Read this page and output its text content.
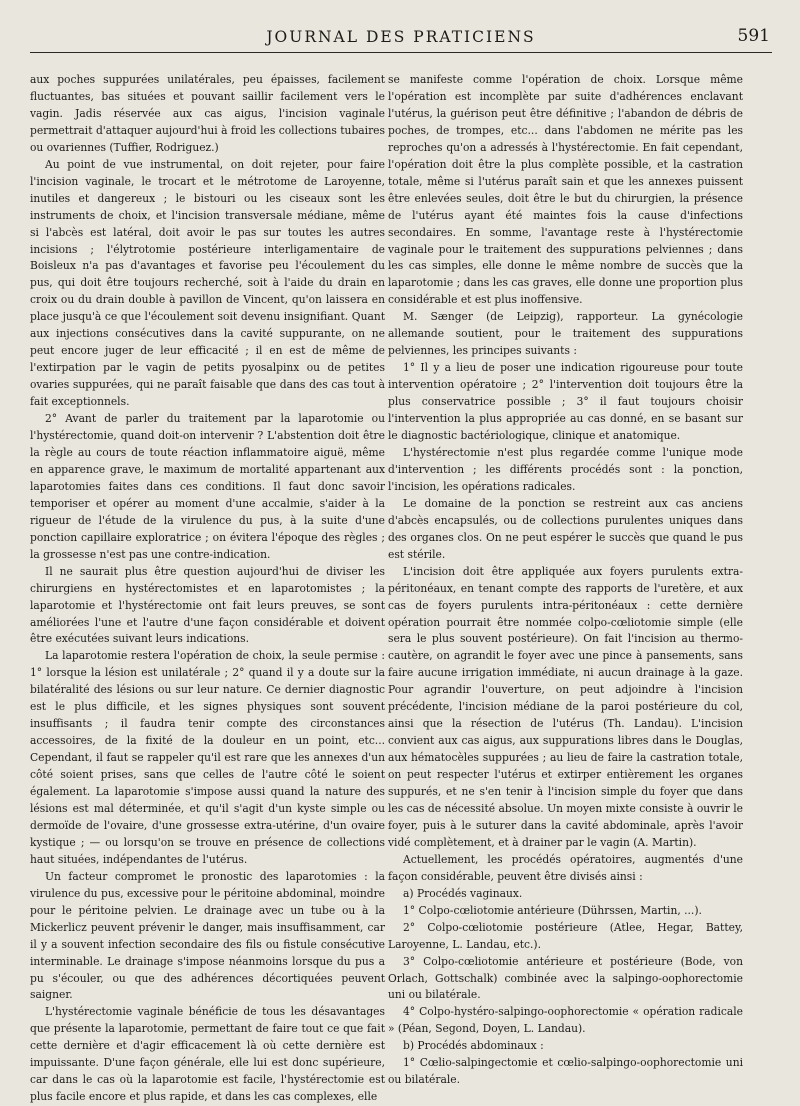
JOURNAL DES PRATICIENS	591

aux poches suppurées unilatérales, peu épaisses, facilement fluctuantes, bas situées et pouvant saillir facilement vers le vagin. Jadis réservée aux cas aigus, l'incision vaginale permettrait d'attaquer aujourd'hui à froid les collections tubaires ou ovariennes (Tuffier, Rodriguez.)

Au point de vue instrumental, on doit rejeter, pour faire l'incision vaginale, le trocart et le métrotome de Laroyenne, inutiles et dangereux ; le bistouri ou les ciseaux sont les instruments de choix, et l'incision transversale médiane, même si l'abcès est latéral, doit avoir le pas sur toutes les autres incisions ; l'élytrotomie postérieure interligamentaire de Boisleux n'a pas d'avantages et favorise peu l'écoulement du pus, qui doit être toujours recherché, soit à l'aide du drain en croix ou du drain double à pavillon de Vincent, qu'on laissera en place jusqu'à ce que l'écoulement soit devenu insignifiant. Quant aux injections consécutives dans la cavité suppurante, on ne peut encore juger de leur efficacité ; il en est de même de l'extirpation par le vagin de petits pyosalpinx ou de petites ovaries suppurées, qui ne paraît faisable que dans des cas tout à fait exceptionnels.

2° Avant de parler du traitement par la laparotomie ou l'hystérectomie, quand doit-on intervenir ? L'abstention doit être la règle au cours de toute réaction inflammatoire aiguë, même en apparence grave, le maximum de mortalité appartenant aux laparotomies faites dans ces conditions. Il faut donc savoir temporiser et opérer au moment d'une accalmie, s'aider à la rigueur de l'étude de la virulence du pus, à la suite d'une ponction capillaire exploratrice ; on évitera l'époque des règles ; la grossesse n'est pas une contre-indication.

Il ne saurait plus être question aujourd'hui de diviser les chirurgiens en hystérectomistes et en laparotomistes ; la laparotomie et l'hystérectomie ont fait leurs preuves, se sont améliorées l'une et l'autre d'une façon considérable et doivent être exécutées suivant leurs indications.

La laparotomie restera l'opération de choix, la seule permise : 1° lorsque la lésion est unilatérale ; 2° quand il y a doute sur la bilatéralité des lésions ou sur leur nature. Ce dernier diagnostic est le plus difficile, et les signes physiques sont souvent insuffisants ; il faudra tenir compte des circonstances accessoires, de la fixité de la douleur en un point, etc... Cependant, il faut se rappeler qu'il est rare que les annexes d'un côté soient prises, sans que celles de l'autre côté le soient également. La laparotomie s'impose aussi quand la nature des lésions est mal déterminée, et qu'il s'agit d'un kyste simple ou dermoïde de l'ovaire, d'une grossesse extra-utérine, d'un ovaire kystique ; — ou lorsqu'on se trouve en présence de collections haut situées, indépendantes de l'utérus.

Un facteur compromet le pronostic des laparotomies : la virulence du pus, excessive pour le péritoine abdominal, moindre pour le péritoine pelvien. Le drainage avec un tube ou à la Mickerlicz peuvent prévenir le danger, mais insuffisamment, car il y a souvent infection secondaire des fils ou fistule consécutive interminable. Le drainage s'impose néanmoins lorsque du pus a pu s'écouler, ou que des adhérences décortiquées peuvent saigner.

L'hystérectomie vaginale bénéficie de tous les désavantages que présente la laparotomie, permettant de faire tout ce que fait cette dernière et d'agir efficacement là où cette dernière est impuissante. D'une façon générale, elle lui est donc supérieure, car dans le cas où la laparotomie est facile, l'hystérectomie est plus facile encore et plus rapide, et dans les cas complexes, elle

se manifeste comme l'opération de choix. Lorsque même l'opération est incomplète par suite d'adhérences enclavant l'utérus, la guérison peut être définitive ; l'abandon de débris de poches, de trompes, etc... dans l'abdomen ne mérite pas les reproches qu'on a adressés à l'hystérectomie. En fait cependant, l'opération doit être la plus complète possible, et la castration totale, même si l'utérus paraît sain et que les annexes puissent être enlevées seules, doit être le but du chirurgien, la présence de l'utérus ayant été maintes fois la cause d'infections secondaires. En somme, l'avantage reste à l'hystérectomie vaginale pour le traitement des suppurations pelviennes ; dans les cas simples, elle donne le même nombre de succès que la laparotomie ; dans les cas graves, elle donne une proportion plus considérable et est plus inoffensive.

M. Sænger (de Leipzig), rapporteur. La gynécologie allemande soutient, pour le traitement des suppurations pelviennes, les principes suivants :

1° Il y a lieu de poser une indication rigoureuse pour toute intervention opératoire ; 2° l'intervention doit toujours être la plus conservatrice possible ; 3° il faut toujours choisir l'intervention la plus appropriée au cas donné, en se basant sur le diagnostic bactériologique, clinique et anatomique.

L'hystérectomie n'est plus regardée comme l'unique mode d'intervention ; les différents procédés sont : la ponction, l'incision, les opérations radicales.

Le domaine de la ponction se restreint aux cas anciens d'abcès encapsulés, ou de collections purulentes uniques dans des organes clos. On ne peut espérer le succès que quand le pus est stérile.

L'incision doit être appliquée aux foyers purulents extra-péritonéaux, en tenant compte des rapports de l'uretère, et aux cas de foyers purulents intra-péritonéaux : cette dernière opération pourrait être nommée colpo-cœliotomie simple (elle sera le plus souvent postérieure). On fait l'incision au thermo-cautère, on agrandit le foyer avec une pince à pansements, sans faire aucune irrigation immédiate, ni aucun drainage à la gaze. Pour agrandir l'ouverture, on peut adjoindre à l'incision précédente, l'incision médiane de la paroi postérieure du col, ainsi que la résection de l'utérus (Th. Landau). L'incision convient aux cas aigus, aux suppurations libres dans le Douglas, aux hématocèles suppurées ; au lieu de faire la castration totale, on peut respecter l'utérus et extirper entièrement les organes suppurés, et ne s'en tenir à l'incision simple du foyer que dans les cas de nécessité absolue. Un moyen mixte consiste à ouvrir le foyer, puis à le suturer dans la cavité abdominale, après l'avoir vidé complètement, et à drainer par le vagin (A. Martin).

Actuellement, les procédés opératoires, augmentés d'une façon considérable, peuvent être divisés ainsi :

a) Procédés vaginaux.

1° Colpo-cœliotomie antérieure (Dührssen, Martin, ...).

2° Colpo-cœliotomie postérieure (Atlee, Hegar, Battey, Laroyenne, L. Landau, etc.).

3° Colpo-cœliotomie antérieure et postérieure (Bode, von Orlach, Gottschalk) combinée avec la salpingo-oophorectomie uni ou bilatérale.

4° Colpo-hystéro-salpingo-oophorectomie « opération radicale » (Péan, Segond, Doyen, L. Landau).

b) Procédés abdominaux :

1° Cœlio-salpingectomie et cœlio-salpingo-oophorectomie uni ou bilatérale.
